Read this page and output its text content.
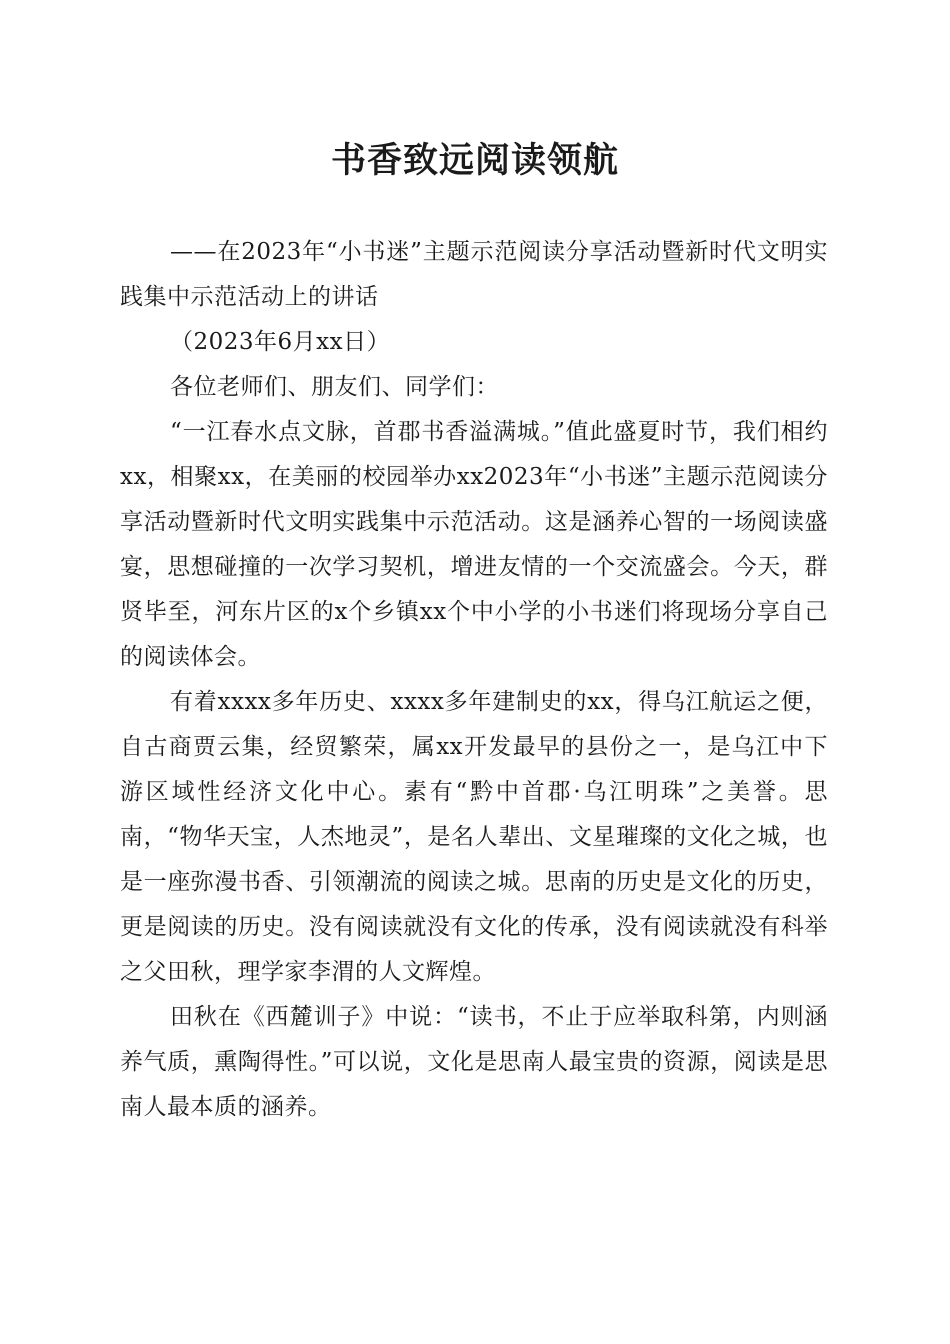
书香致远阅读领航

——在2023年“小书迷”主题示范阅读分享活动暨新时代文明实践集中示范活动上的讲话

（2023年6月xx日）

各位老师们、朋友们、同学们：

“一江春水点文脉，首郡书香溢满城。”值此盛夏时节，我们相约xx，相聚xx，在美丽的校园举办xx2023年“小书迷”主题示范阅读分享活动暨新时代文明实践集中示范活动。这是涵养心智的一场阅读盛宴，思想碰撞的一次学习契机，增进友情的一个交流盛会。今天，群贤毕至，河东片区的x个乡镇xx个中小学的小书迷们将现场分享自己的阅读体会。

有着xxxx多年历史、xxxx多年建制史的xx，得乌江航运之便，自古商贾云集，经贸繁荣，属xx开发最早的县份之一，是乌江中下游区域性经济文化中心。素有“黔中首郡·乌江明珠”之美誉。思南，“物华天宝，人杰地灵”，是名人辈出、文星璀璨的文化之城，也是一座弥漫书香、引领潮流的阅读之城。思南的历史是文化的历史，更是阅读的历史。没有阅读就没有文化的传承，没有阅读就没有科举之父田秋，理学家李渭的人文辉煌。

田秋在《西麓训子》中说：“读书，不止于应举取科第，内则涵养气质，熏陶得性。”可以说，文化是思南人最宝贵的资源，阅读是思南人最本质的涵养。
